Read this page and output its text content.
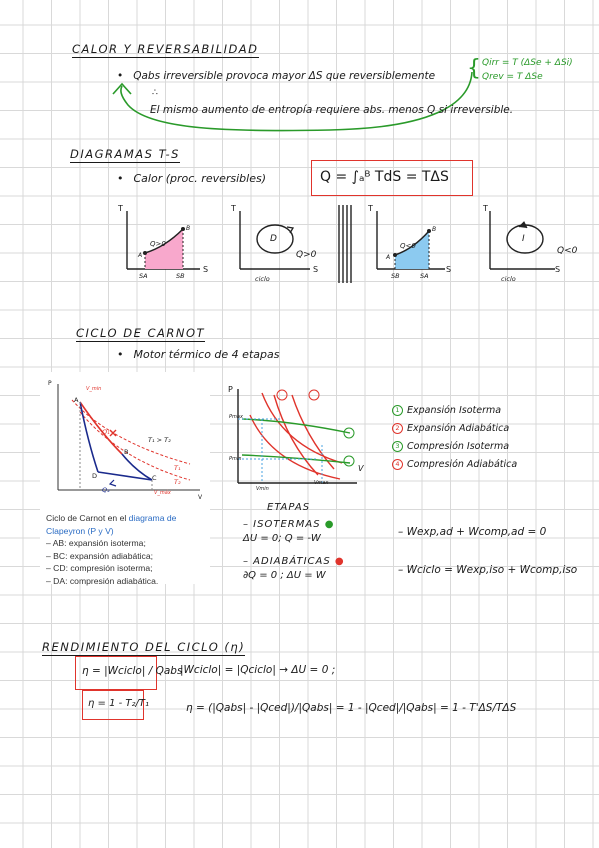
CALOR Y REVERSABILIDAD
• Qabs irreversible provoca mayor ΔS que reversiblemente { Qirr = T (ΔSe + ΔSi)
Qrev = T ΔSe
∴
El mismo aumento de entropía requiere abs. menos Q si irreversible.
DIAGRAMAS T-S
• Calor (proc. reversibles)	Q = ∫ₐᴮ TdS = TΔS
T
S
A
B
Q>0
SA	SB
T
S
D
Q>0
ciclo
T
S
A
B
Q<0
SB	SA
T
S
I
Q<0
ciclo
CICLO DE CARNOT
• Motor térmico de 4 etapas
P
V
A
B
C
D
Q₁
Q₂
T₁
T₂
T₁ > T₂
V_min
V_máx
Ciclo de Carnot en el diagrama de Clapeyron (P y V)
– AB: expansión isoterma;
– BC: expansión adiabática;
– CD: compresión isoterma;
– DA: compresión adiabática.
P
V
Pmax
Pmin
Vmin
Vmax
1 Expansión Isoterma
2 Expansión Adiabática
3 Compresión Isoterma
4 Compresión Adiabática
ETAPAS
– ISOTERMAS ●
ΔU = 0; Q = -W
– ADIABÁTICAS ●
∂Q = 0 ; ΔU = W
– Wexp,ad + Wcomp,ad = 0
– Wciclo = Wexp,iso + Wcomp,iso
RENDIMIENTO DEL CICLO (η)
η = |Wciclo| / Qabs
|Wciclo| = |Qciclo| → ΔU = 0 ;
η = 1 - T₂/T₁	η = (|Qabs| - |Qced|)/|Qabs| = 1 - |Qced|/|Qabs| = 1 - T'ΔS/TΔS
